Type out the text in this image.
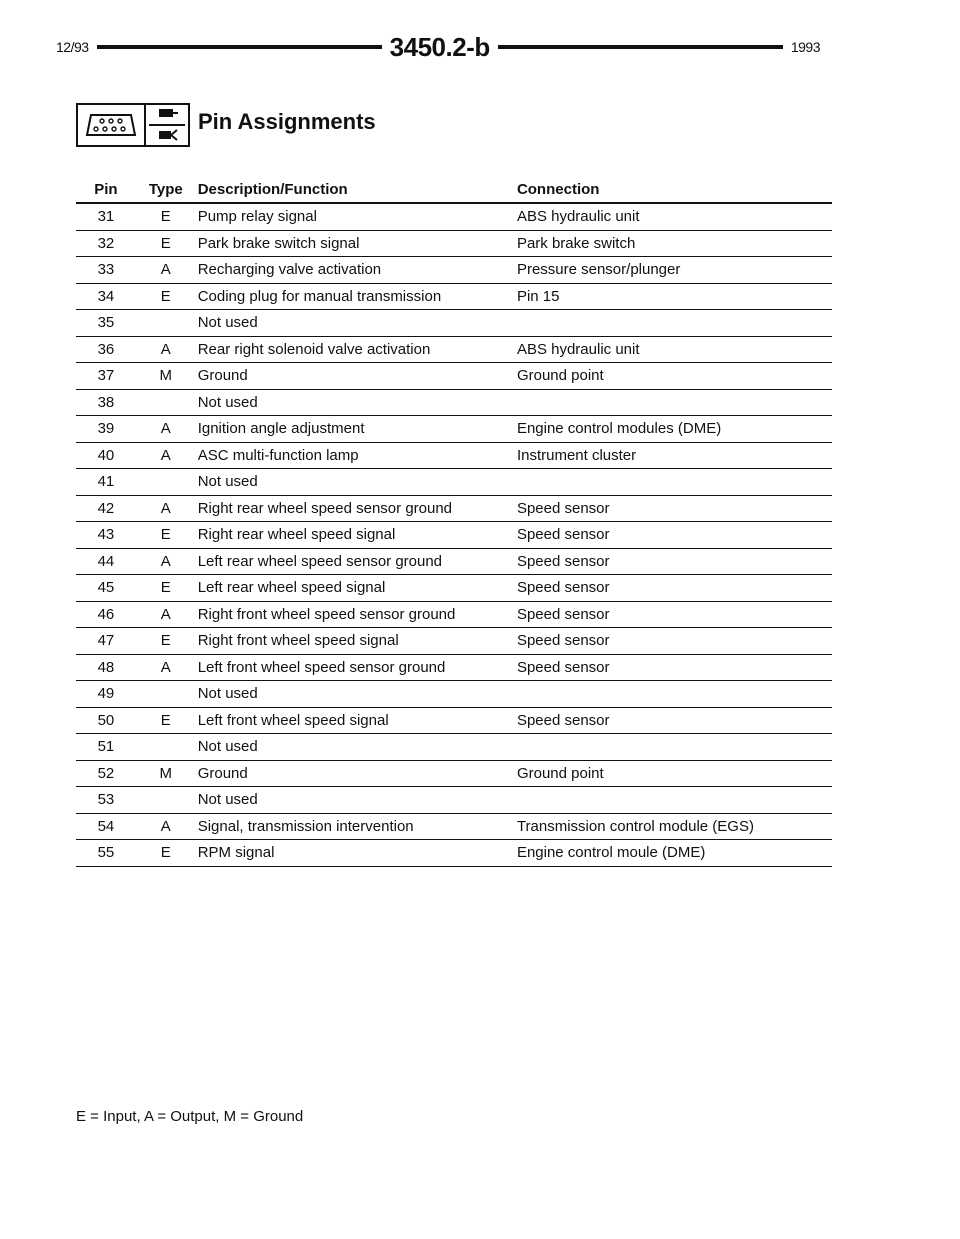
12/93	3450.2-b	1993
Pin Assignments
Pin	Type	Description/Function	Connection
31	E	Pump relay signal	ABS hydraulic unit
32	E	Park brake switch signal	Park brake switch
33	A	Recharging valve activation	Pressure sensor/plunger
34	E	Coding plug for manual transmission	Pin 15
35		Not used	
36	A	Rear right solenoid valve activation	ABS hydraulic unit
37	M	Ground	Ground point
38		Not used	
39	A	Ignition angle adjustment	Engine control modules (DME)
40	A	ASC multi-function lamp	Instrument cluster
41		Not used	
42	A	Right rear wheel speed sensor ground	Speed sensor
43	E	Right rear wheel speed signal	Speed sensor
44	A	Left rear wheel speed sensor ground	Speed sensor
45	E	Left rear wheel speed signal	Speed sensor
46	A	Right front wheel speed sensor ground	Speed sensor
47	E	Right front wheel speed signal	Speed sensor
48	A	Left front wheel speed sensor ground	Speed sensor
49		Not used	
50	E	Left front wheel speed signal	Speed sensor
51		Not used	
52	M	Ground	Ground point
53		Not used	
54	A	Signal, transmission intervention	Transmission control module (EGS)
55	E	RPM signal	Engine control moule (DME)
E = Input, A = Output, M = Ground
